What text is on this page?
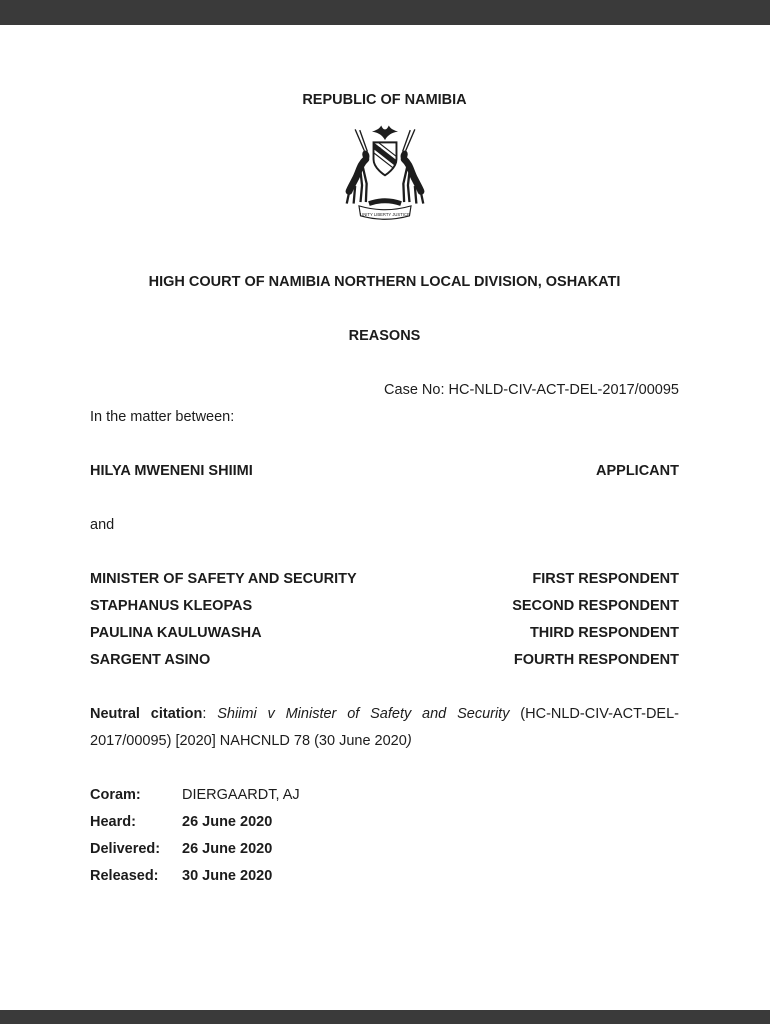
REPUBLIC OF NAMIBIA
UNITY LIBERTY JUSTICE
HIGH COURT OF NAMIBIA NORTHERN LOCAL DIVISION, OSHAKATI
REASONS
Case No: HC-NLD-CIV-ACT-DEL-2017/00095
In the matter between:
HILYA MWENENI SHIIMI	APPLICANT
and
MINISTER OF SAFETY AND SECURITY	FIRST RESPONDENT
STAPHANUS KLEOPAS	SECOND RESPONDENT
PAULINA KAULUWASHA	THIRD RESPONDENT
SARGENT ASINO	FOURTH RESPONDENT

Neutral citation: Shiimi v Minister of Safety and Security (HC-NLD-CIV-ACT-DEL-2017/00095) [2020] NAHCNLD 78 (30 June 2020)

Coram:	DIERGAARDT, AJ
Heard:	26 June 2020
Delivered:	26 June 2020
Released:	30 June 2020
